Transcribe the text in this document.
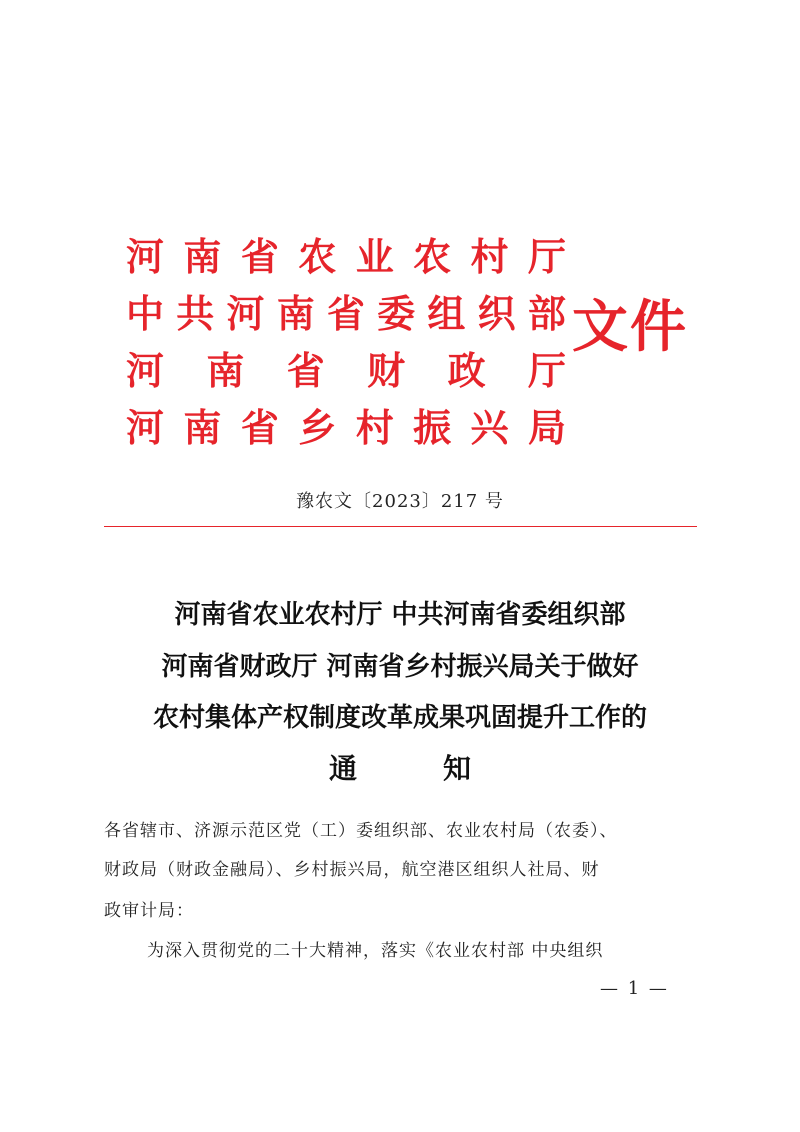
河 南 省 农 业 农 村 厅
中 共 河 南 省 委 组 织 部
河 南 省 财 政 厅
河 南 省 乡 村 振 兴 局
文件
豫农文〔2023〕217 号
河南省农业农村厅 中共河南省委组织部
河南省财政厅 河南省乡村振兴局关于做好
农村集体产权制度改革成果巩固提升工作的
通	知
各省辖市、济源示范区党（工）委组织部、农业农村局（农委）、
财政局（财政金融局）、乡村振兴局，航空港区组织人社局、财
政审计局：
为深入贯彻党的二十大精神，落实《农业农村部 中央组织
— 1 —
